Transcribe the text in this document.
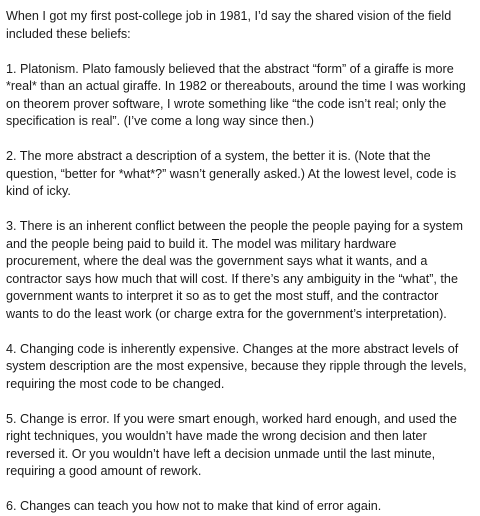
When I got my first post-college job in 1981, I’d say the shared vision of the field included these beliefs:

1. Platonism. Plato famously believed that the abstract “form” of a giraffe is more *real* than an actual giraffe. In 1982 or thereabouts, around the time I was working on theorem prover software, I wrote something like “the code isn’t real; only the specification is real”. (I’ve come a long way since then.)

2. The more abstract a description of a system, the better it is. (Note that the question, “better for *what*?” wasn’t generally asked.) At the lowest level, code is kind of icky.

3. There is an inherent conflict between the people the people paying for a system and the people being paid to build it. The model was military hardware procurement, where the deal was the government says what it wants, and a contractor says how much that will cost. If there’s any ambiguity in the “what”, the government wants to interpret it so as to get the most stuff, and the contractor wants to do the least work (or charge extra for the government’s interpretation).

4. Changing code is inherently expensive. Changes at the more abstract levels of system description are the most expensive, because they ripple through the levels, requiring the most code to be changed.

5. Change is error. If you were smart enough, worked hard enough, and used the right techniques, you wouldn’t have made the wrong decision and then later reversed it. Or you wouldn’t have left a decision unmade until the last minute, requiring a good amount of rework.

6. Changes can teach you how not to make that kind of error again.
